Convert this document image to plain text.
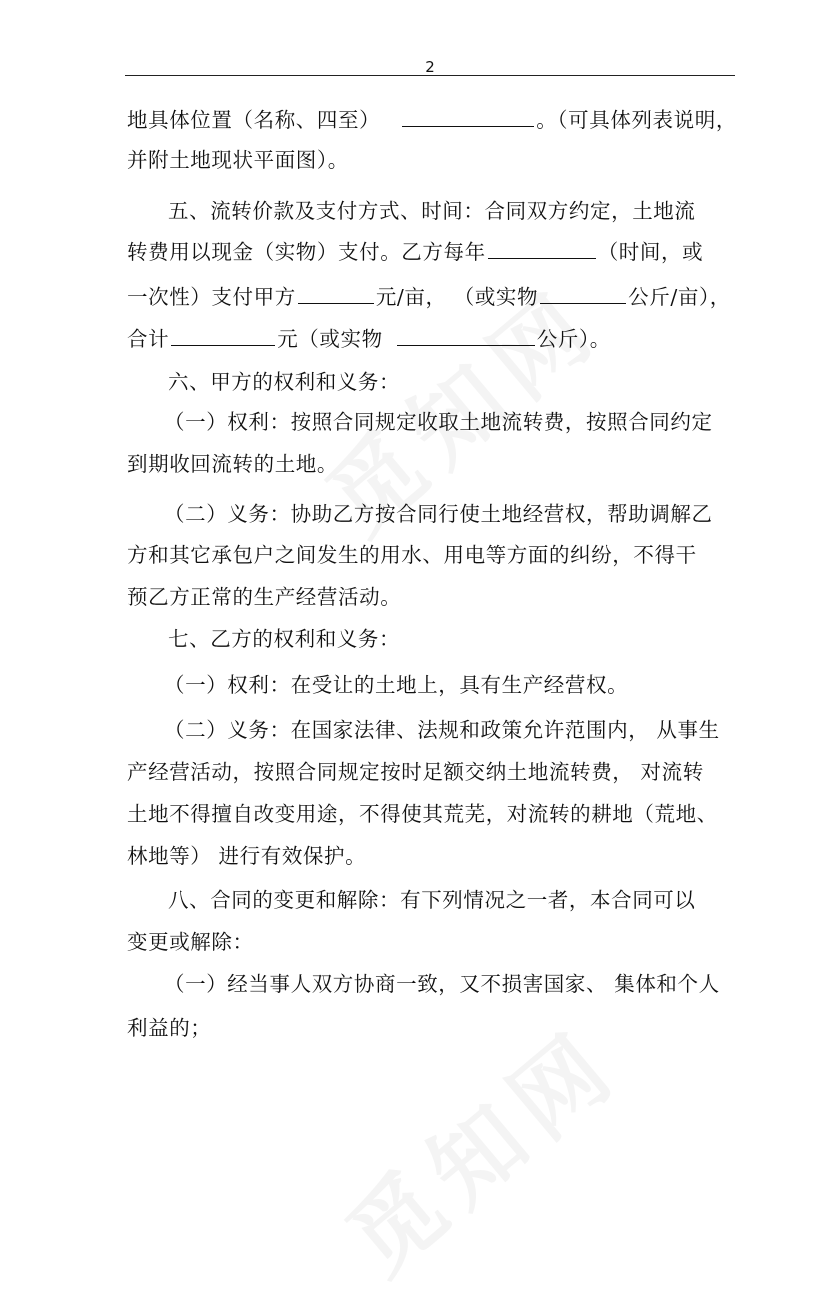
2
地具体位置（名称、四至）	。（可具体列表说明，
并附土地现状平面图）。
五、流转价款及支付方式、时间：合同双方约定，土地流
转费用以现金（实物）支付。乙方每年	（时间，或
一次性）支付甲方	元/亩， （或实物	公斤/亩），
合计	元（或实物	公斤）。
六、甲方的权利和义务：
（一）权利：按照合同规定收取土地流转费，按照合同约定
到期收回流转的土地。
（二）义务：协助乙方按合同行使土地经营权，帮助调解乙
方和其它承包户之间发生的用水、用电等方面的纠纷，不得干
预乙方正常的生产经营活动。
七、乙方的权利和义务：
（一）权利：在受让的土地上，具有生产经营权。
（二）义务：在国家法律、法规和政策允许范围内， 从事生
产经营活动，按照合同规定按时足额交纳土地流转费， 对流转
土地不得擅自改变用途，不得使其荒芜，对流转的耕地（荒地、
林地等） 进行有效保护。
八、合同的变更和解除：有下列情况之一者，本合同可以
变更或解除：
（一）经当事人双方协商一致，又不损害国家、 集体和个人
利益的；
